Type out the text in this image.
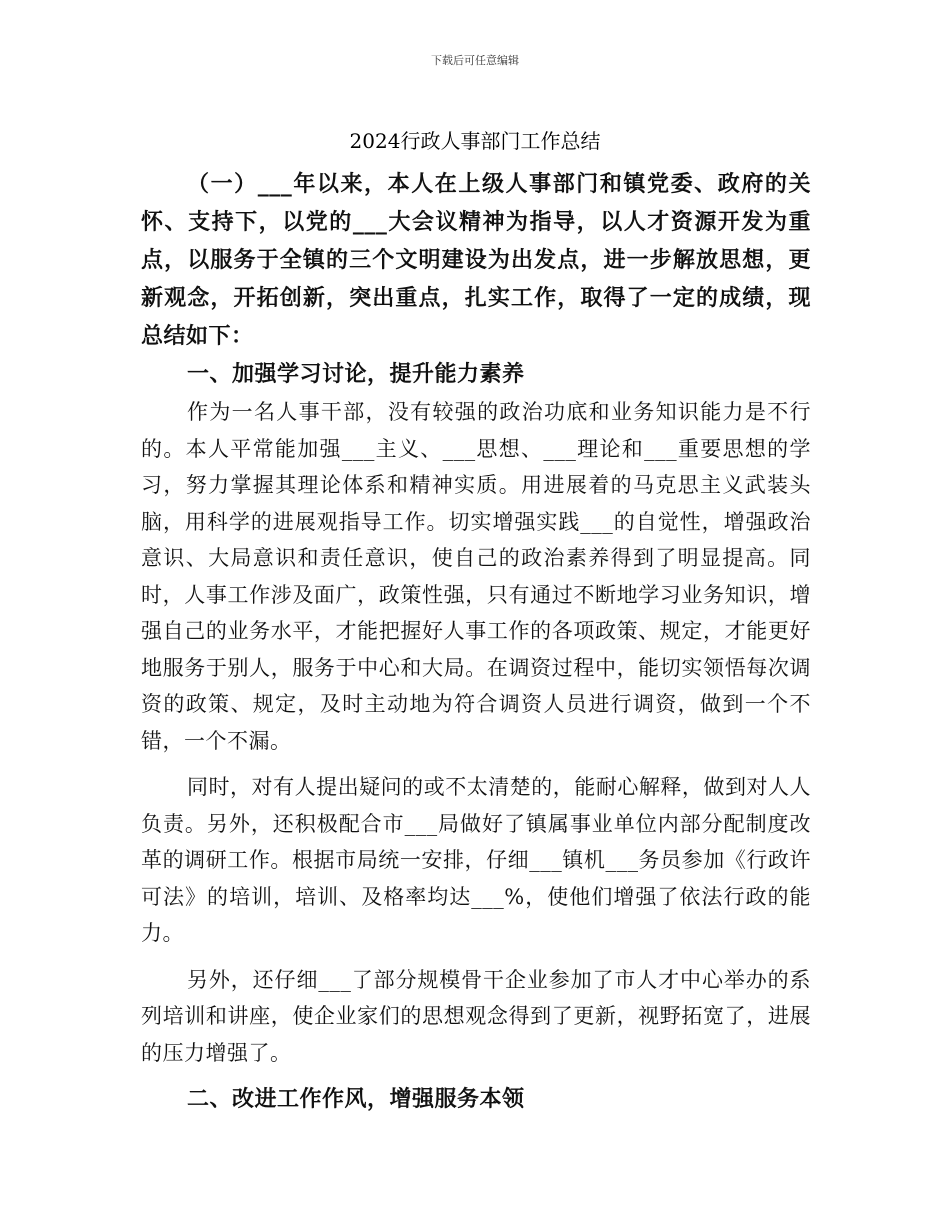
下载后可任意编辑
2024行政人事部门工作总结

（一）___年以来，本人在上级人事部门和镇党委、政府的关怀、支持下，以党的___大会议精神为指导，以人才资源开发为重点，以服务于全镇的三个文明建设为出发点，进一步解放思想，更新观念，开拓创新，突出重点，扎实工作，取得了一定的成绩，现总结如下：

一、加强学习讨论，提升能力素养

作为一名人事干部，没有较强的政治功底和业务知识能力是不行的。本人平常能加强___主义、___思想、___理论和___重要思想的学习，努力掌握其理论体系和精神实质。用进展着的马克思主义武装头脑，用科学的进展观指导工作。切实增强实践___的自觉性，增强政治意识、大局意识和责任意识，使自己的政治素养得到了明显提高。同时，人事工作涉及面广，政策性强，只有通过不断地学习业务知识，增强自己的业务水平，才能把握好人事工作的各项政策、规定，才能更好地服务于别人，服务于中心和大局。在调资过程中，能切实领悟每次调资的政策、规定，及时主动地为符合调资人员进行调资，做到一个不错，一个不漏。

同时，对有人提出疑问的或不太清楚的，能耐心解释，做到对人人负责。另外，还积极配合市___局做好了镇属事业单位内部分配制度改革的调研工作。根据市局统一安排，仔细___镇机___务员参加《行政许可法》的培训，培训、及格率均达___%，使他们增强了依法行政的能力。

另外，还仔细___了部分规模骨干企业参加了市人才中心举办的系列培训和讲座，使企业家们的思想观念得到了更新，视野拓宽了，进展的压力增强了。

二、改进工作作风，增强服务本领
